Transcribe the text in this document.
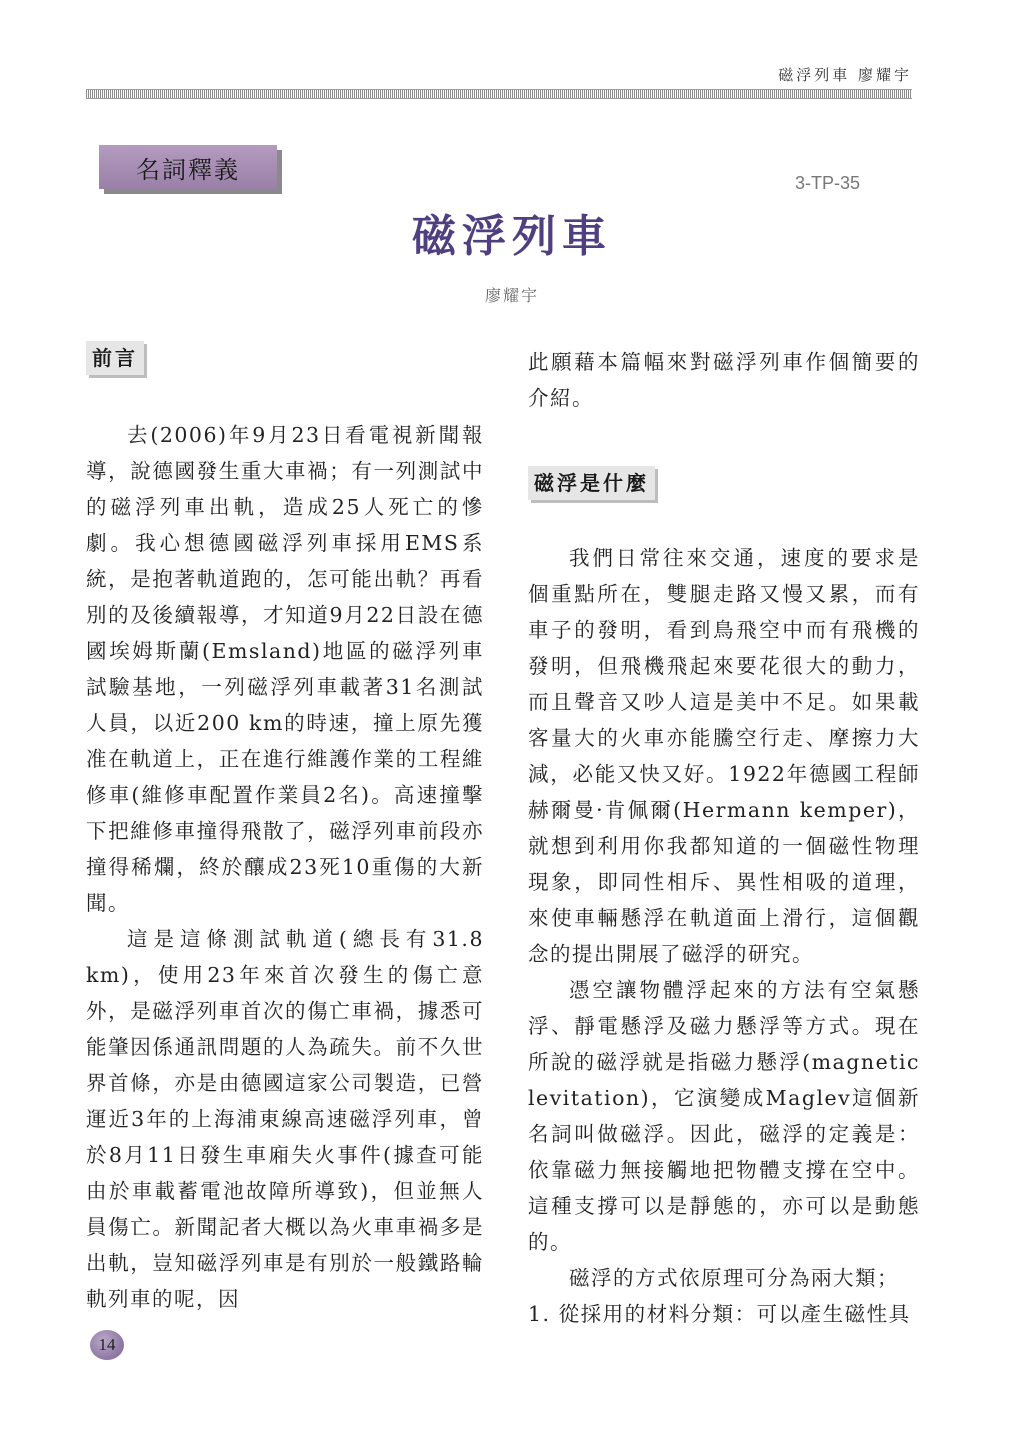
磁浮列車 廖耀宇
名詞釋義	3-TP-35
磁浮列車
廖耀宇
前言

去(2006)年9月23日看電視新聞報導，說德國發生重大車禍；有一列測試中的磁浮列車出軌，造成25人死亡的慘劇。我心想德國磁浮列車採用EMS系統，是抱著軌道跑的，怎可能出軌？再看別的及後續報導，才知道9月22日設在德國埃姆斯蘭(Emsland)地區的磁浮列車試驗基地，一列磁浮列車載著31名測試人員，以近200 km的時速，撞上原先獲准在軌道上，正在進行維護作業的工程維修車(維修車配置作業員2名)。高速撞擊下把維修車撞得飛散了，磁浮列車前段亦撞得稀爛，終於釀成23死10重傷的大新聞。

這是這條測試軌道(總長有31.8 km)，使用23年來首次發生的傷亡意外，是磁浮列車首次的傷亡車禍，據悉可能肇因係通訊問題的人為疏失。前不久世界首條，亦是由德國這家公司製造，已營運近3年的上海浦東線高速磁浮列車，曾於8月11日發生車廂失火事件(據查可能由於車載蓄電池故障所導致)，但並無人員傷亡。新聞記者大概以為火車車禍多是出軌，豈知磁浮列車是有別於一般鐵路輪軌列車的呢，因

此願藉本篇幅來對磁浮列車作個簡要的介紹。

磁浮是什麼

我們日常往來交通，速度的要求是個重點所在，雙腿走路又慢又累，而有車子的發明，看到鳥飛空中而有飛機的發明，但飛機飛起來要花很大的動力，而且聲音又吵人這是美中不足。如果載客量大的火車亦能騰空行走、摩擦力大減，必能又快又好。1922年德國工程師赫爾曼·肯佩爾(Hermann kemper)，就想到利用你我都知道的一個磁性物理現象，即同性相斥、異性相吸的道理，來使車輛懸浮在軌道面上滑行，這個觀念的提出開展了磁浮的研究。

憑空讓物體浮起來的方法有空氣懸浮、靜電懸浮及磁力懸浮等方式。現在所說的磁浮就是指磁力懸浮(magnetic levitation)，它演變成Maglev這個新名詞叫做磁浮。因此，磁浮的定義是：依靠磁力無接觸地把物體支撐在空中。這種支撐可以是靜態的，亦可以是動態的。

磁浮的方式依原理可分為兩大類；

1. 從採用的材料分類：可以產生磁性具

14
